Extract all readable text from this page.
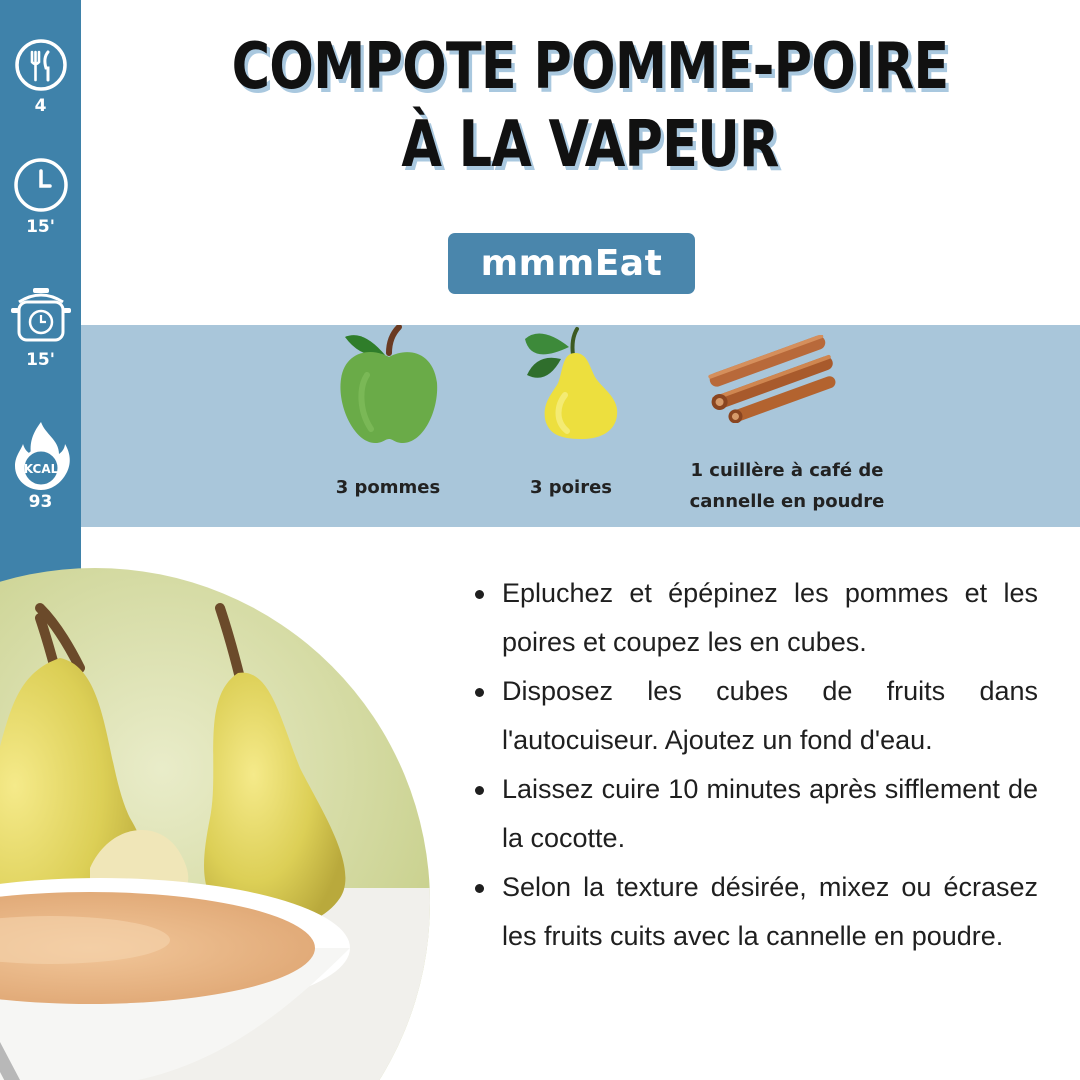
4
15'
15'
KCAL
93
COMPOTE POMME-POIRE À LA VAPEUR
mmmEat
3 pommes	3 poires
1 cuillère à café de cannelle en poudre
Epluchez et épépinez les pommes et les poires et coupez les en cubes.
Disposez les cubes de fruits dans l'autocuiseur. Ajoutez un fond d'eau.
Laissez cuire 10 minutes après sifflement de la cocotte.
Selon la texture désirée, mixez ou écrasez les fruits cuits avec la cannelle en poudre.
